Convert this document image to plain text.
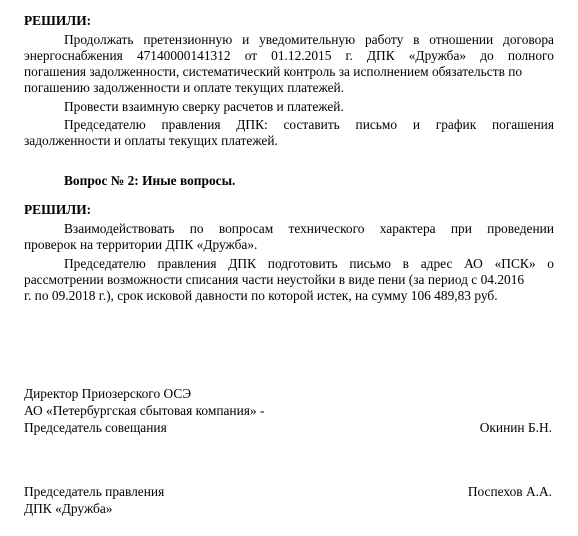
РЕШИЛИ:
Продолжать претензионную и уведомительную работу в отношении договора
энергоснабжения 47140000141312 от 01.12.2015 г. ДПК «Дружба» до полного
погашения задолженности, систематический контроль за исполнением обязательств по
погашению задолженности и оплате текущих платежей.
Провести взаимную сверку расчетов и платежей.
Председателю правления ДПК: составить письмо и график погашения
задолженности и оплаты текущих платежей.
Вопрос № 2: Иные вопросы.
РЕШИЛИ:
Взаимодействовать по вопросам технического характера при проведении
проверок на территории ДПК «Дружба».
Председателю правления ДПК подготовить письмо в адрес АО «ПСК» о
рассмотрении возможности списания части неустойки в виде пени (за период с 04.2016
г. по 09.2018 г.), срок исковой давности по которой истек, на сумму 106 489,83 руб.
Директор Приозерского ОСЭ
АО «Петербургская сбытовая компания» -
Председатель совещания	Окинин Б.Н.
Председатель правления	Поспехов А.А.
ДПК «Дружба»
